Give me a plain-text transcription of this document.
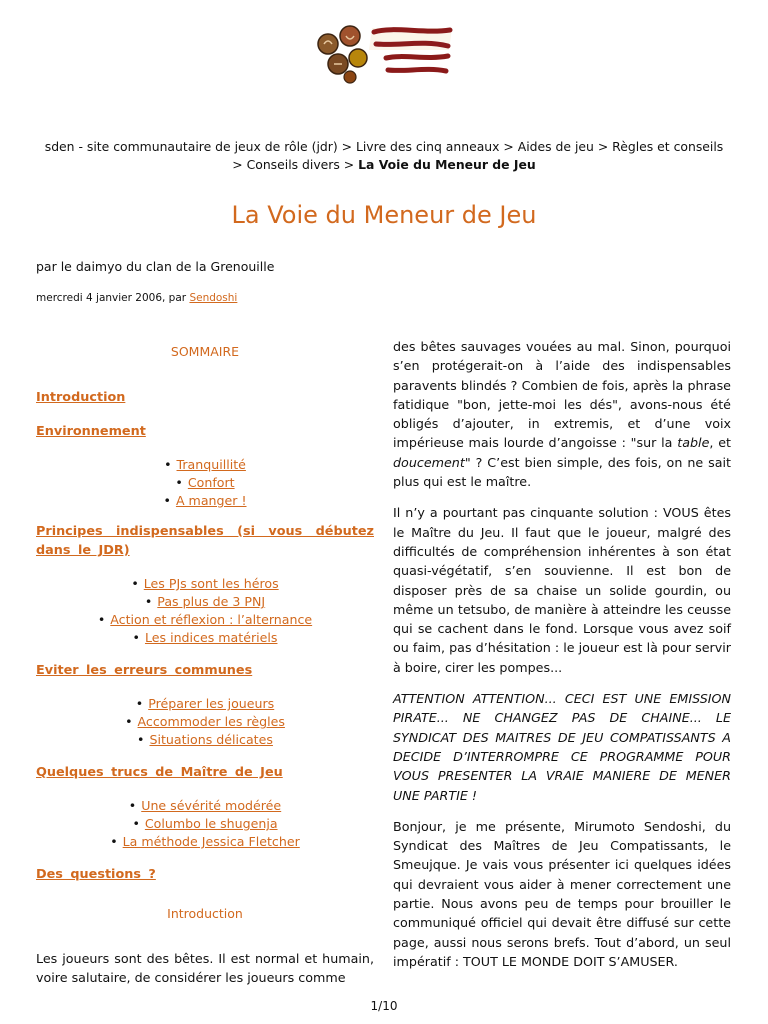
sden - site communautaire de jeux de rôle (jdr) > Livre des cinq anneaux > Aides de jeu > Règles et conseils > Conseils divers > La Voie du Meneur de Jeu
La Voie du Meneur de Jeu
par le daimyo du clan de la Grenouille
mercredi 4 janvier 2006, par Sendoshi
SOMMAIRE
Introduction
Environnement
• Tranquillité
• Confort
• A manger !
Principes indispensables (si vous débutez dans le JDR)
• Les PJs sont les héros
• Pas plus de 3 PNJ
• Action et réflexion : l’alternance
• Les indices matériels
Eviter les erreurs communes
• Préparer les joueurs
• Accommoder les règles
• Situations délicates
Quelques trucs de Maître de Jeu
• Une sévérité modérée
• Columbo le shugenja
• La méthode Jessica Fletcher
Des questions ?
Introduction
Les joueurs sont des bêtes. Il est normal et humain, voire salutaire, de considérer les joueurs comme

des bêtes sauvages vouées au mal. Sinon, pourquoi s’en protégerait-on à l’aide des indispensables paravents blindés ? Combien de fois, après la phrase fatidique "bon, jette-moi les dés", avons-nous été obligés d’ajouter, in extremis, et d’une voix impérieuse mais lourde d’angoisse : "sur la table, et doucement" ? C’est bien simple, des fois, on ne sait plus qui est le maître.

Il n’y a pourtant pas cinquante solution : VOUS êtes le Maître du Jeu. Il faut que le joueur, malgré des difficultés de compréhension inhérentes à son état quasi-végétatif, s’en souvienne. Il est bon de disposer près de sa chaise un solide gourdin, ou même un tetsubo, de manière à atteindre les ceusse qui se cachent dans le fond. Lorsque vous avez soif ou faim, pas d’hésitation : le joueur est là pour servir à boire, cirer les pompes...

ATTENTION ATTENTION... CECI EST UNE EMISSION PIRATE... NE CHANGEZ PAS DE CHAINE... LE SYNDICAT DES MAITRES DE JEU COMPATISSANTS A DECIDE D’INTERROMPRE CE PROGRAMME POUR VOUS PRESENTER LA VRAIE MANIERE DE MENER UNE PARTIE !

Bonjour, je me présente, Mirumoto Sendoshi, du Syndicat des Maîtres de Jeu Compatissants, le Smeujque. Je vais vous présenter ici quelques idées qui devraient vous aider à mener correctement une partie. Nous avons peu de temps pour brouiller le communiqué officiel qui devait être diffusé sur cette page, aussi nous serons brefs. Tout d’abord, un seul impératif : TOUT LE MONDE DOIT S’AMUSER.

1/10
